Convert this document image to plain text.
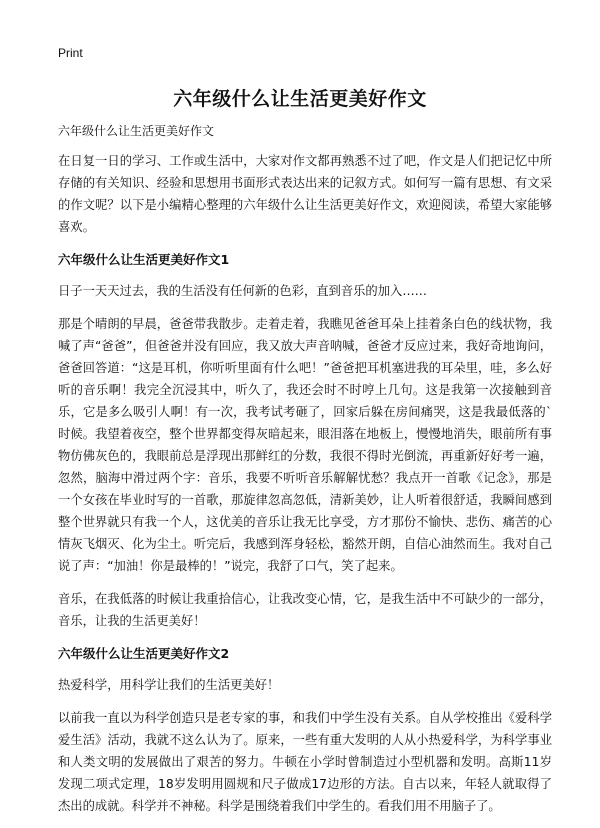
Print
六年级什么让生活更美好作文

六年级什么让生活更美好作文

在日复一日的学习、工作或生活中，大家对作文都再熟悉不过了吧，作文是人们把记忆中所存储的有关知识、经验和思想用书面形式表达出来的记叙方式。如何写一篇有思想、有文采的作文呢？以下是小编精心整理的六年级什么让生活更美好作文，欢迎阅读，希望大家能够喜欢。

六年级什么让生活更美好作文1

日子一天天过去，我的生活没有任何新的色彩，直到音乐的加入……

那是个晴朗的早晨，爸爸带我散步。走着走着，我瞧见爸爸耳朵上挂着条白色的线状物，我喊了声“爸爸”，但爸爸并没有回应，我又放大声音呐喊，爸爸才反应过来，我好奇地询问，爸爸回答道：“这是耳机，你听听里面有什么吧！”爸爸把耳机塞进我的耳朵里，哇，多么好听的音乐啊！我完全沉浸其中，听久了，我还会时不时哼上几句。这是我第一次接触到音乐，它是多么吸引人啊！有一次，我考试考砸了，回家后躲在房间痛哭，这是我最低落的`时候。我望着夜空，整个世界都变得灰暗起来，眼泪落在地板上，慢慢地消失，眼前所有事物仿佛灰色的，我眼前总是浮现出那鲜红的分数，我很不得时光倒流，再重新好好考一遍，忽然，脑海中滑过两个字：音乐，我要不听听音乐解解忧愁？我点开一首歌《记念》，那是一个女孩在毕业时写的一首歌，那旋律忽高忽低，清新美妙，让人听着很舒适，我瞬间感到整个世界就只有我一个人，这优美的音乐让我无比享受，方才那份不愉快、悲伤、痛苦的心情灰飞烟灭、化为尘土。听完后，我感到浑身轻松，豁然开朗，自信心油然而生。我对自己说了声：“加油！你是最棒的！”说完，我舒了口气，笑了起来。

音乐，在我低落的时候让我重拾信心，让我改变心情，它，是我生活中不可缺少的一部分，音乐，让我的生活更美好！

六年级什么让生活更美好作文2

热爱科学，用科学让我们的生活更美好！

以前我一直以为科学创造只是老专家的事，和我们中学生没有关系。自从学校推出《爱科学爱生活》活动，我就不这么认为了。原来，一些有重大发明的人从小热爱科学，为科学事业和人类文明的发展做出了艰苦的努力。牛顿在小学时曾制造过小型机器和发明。高斯11岁发现二项式定理，18岁发明用圆规和尺子做成17边形的方法。自古以来，年轻人就取得了杰出的成就。科学并不神秘。科学是围绕着我们中学生的。看我们用不用脑子了。
